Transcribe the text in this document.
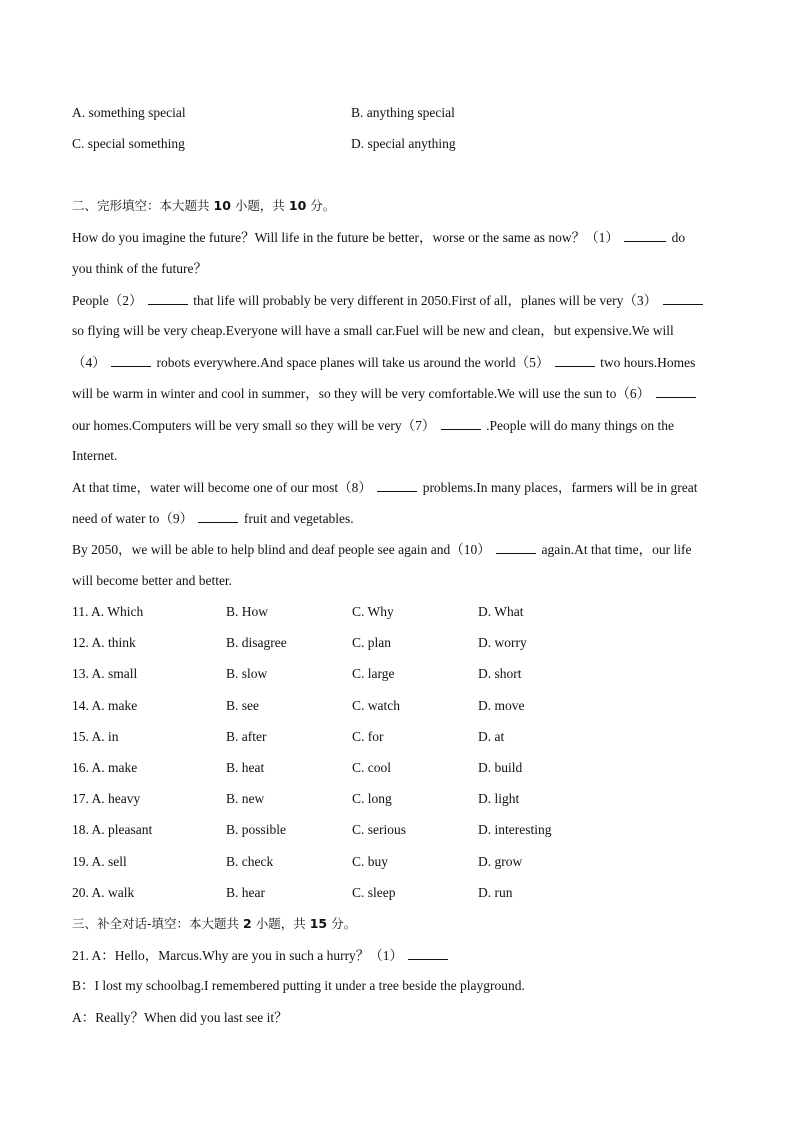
A. something special	B. anything special
C. special something	D. special anything
二、完形填空：本大题共 10 小题，共 10 分。
How do you imagine the future？Will life in the future be better，worse or the same as now？（1）	do
you think of the future？
People（2）	that life will probably be very different in 2050.First of all，planes will be very（3）
so flying will be very cheap.Everyone will have a small car.Fuel will be new and clean，but expensive.We will
（4）	robots everywhere.And space planes will take us around the world（5）	two hours.Homes
will be warm in winter and cool in summer，so they will be very comfortable.We will use the sun to（6）
our homes.Computers will be very small so they will be very（7）	.People will do many things on the
Internet.
At that time，water will become one of our most（8）	problems.In many places，farmers will be in great
need of water to（9）	fruit and vegetables.
By 2050，we will be able to help blind and deaf people see again and（10）	again.At that time，our life
will become better and better.
11. A. Which	B. How	C. Why	D. What
12. A. think	B. disagree	C. plan	D. worry
13. A. small	B. slow	C. large	D. short
14. A. make	B. see	C. watch	D. move
15. A. in	B. after	C. for	D. at
16. A. make	B. heat	C. cool	D. build
17. A. heavy	B. new	C. long	D. light
18. A. pleasant	B. possible	C. serious	D. interesting
19. A. sell	B. check	C. buy	D. grow
20. A. walk	B. hear	C. sleep	D. run
三、补全对话-填空：本大题共 2 小题，共 15 分。
21. A：Hello，Marcus.Why are you in such a hurry？（1）
B：I lost my schoolbag.I remembered putting it under a tree beside the playground.
A：Really？When did you last see it？
